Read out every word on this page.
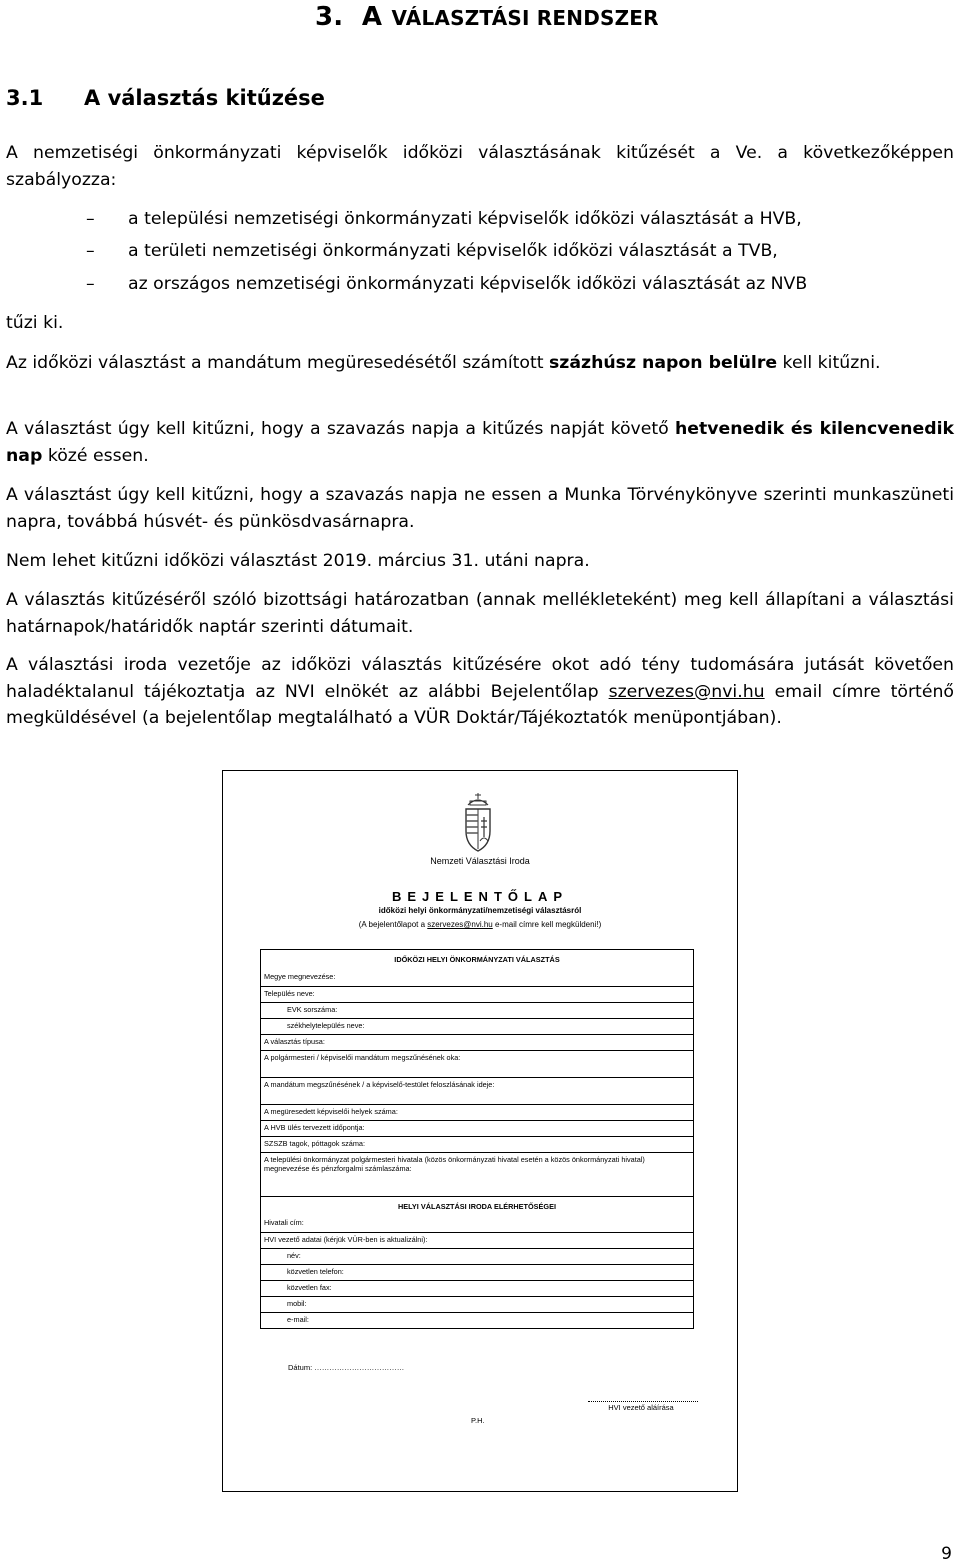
3. A VÁLASZTÁSI RENDSZER
3.1 A választás kitűzése
A nemzetiségi önkormányzati képviselők időközi választásának kitűzését a Ve. a következőképpen szabályozza:
– a települési nemzetiségi önkormányzati képviselők időközi választását a HVB,
– a területi nemzetiségi önkormányzati képviselők időközi választását a TVB,
– az országos nemzetiségi önkormányzati képviselők időközi választását az NVB
tűzi ki.
Az időközi választást a mandátum megüresedésétől számított százhúsz napon belülre kell kitűzni.
A választást úgy kell kitűzni, hogy a szavazás napja a kitűzés napját követő hetvenedik és kilencvenedik nap közé essen.
A választást úgy kell kitűzni, hogy a szavazás napja ne essen a Munka Törvénykönyve szerinti munkaszüneti napra, továbbá húsvét- és pünkösdvasárnapra.
Nem lehet kitűzni időközi választást 2019. március 31. utáni napra.
A választás kitűzéséről szóló bizottsági határozatban (annak mellékleteként) meg kell állapítani a választási határnapok/határidők naptár szerinti dátumait.
A választási iroda vezetője az időközi választás kitűzésére okot adó tény tudomására jutását követően haladéktalanul tájékoztatja az NVI elnökét az alábbi Bejelentőlap szervezes@nvi.hu email címre történő megküldésével (a bejelentőlap megtalálható a VÜR Doktár/Tájékoztatók menüpontjában).
Nemzeti Választási Iroda
BEJELENTŐLAP
időközi helyi önkormányzati/nemzetiségi választásról
(A bejelentőlapot a szervezes@nvi.hu e-mail címre kell megküldeni!)
IDŐKÖZI HELYI ÖNKORMÁNYZATI VÁLASZTÁS
Megye megnevezése:
Település neve:
EVK sorszáma:
székhelytelepülés neve:
A választás típusa:
A polgármesteri / képviselői mandátum megszűnésének oka:
A mandátum megszűnésének / a képviselő-testület feloszlásának ideje:
A megüresedett képviselői helyek száma:
A HVB ülés tervezett időpontja:
SZSZB tagok, póttagok száma:
A települési önkormányzat polgármesteri hivatala (közös önkormányzati hivatal esetén a közös önkormányzati hivatal) megnevezése és pénzforgalmi számlaszáma:
HELYI VÁLASZTÁSI IRODA ELÉRHETŐSÉGEI
Hivatali cím:
HVI vezető adatai (kérjük VÜR-ben is aktualizálni):
név:
közvetlen telefon:
közvetlen fax:
mobil:
e-mail:
Dátum: ………………………………
HVI vezető aláírása
P.H.
9
